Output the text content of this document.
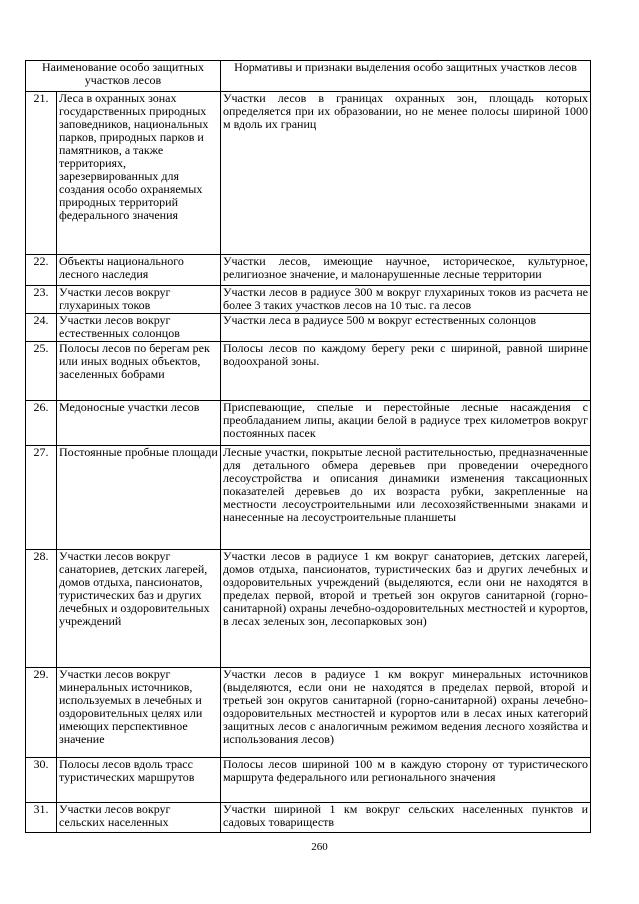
Наименование особо защитных участков лесов		Нормативы и признаки выделения особо защитных участков лесов
21.	Леса в охранных зонах государственных природных заповедников, национальных парков, природных парков и памятников, а также территориях, зарезервированных для создания особо охраняемых природных территорий федерального значения	Участки лесов в границах охранных зон, площадь которых определяется при их образовании, но не менее полосы шириной 1000 м вдоль их границ
22.	Объекты национального лесного наследия	Участки лесов, имеющие научное, историческое, культурное, религиозное значение, и малонарушенные лесные территории
23.	Участки лесов вокруг глухариных токов	Участки лесов в радиусе 300 м вокруг глухариных токов из расчета не более 3 таких участков лесов на 10 тыс. га лесов
24.	Участки лесов вокруг естественных солонцов	Участки леса в радиусе 500 м вокруг естественных солонцов
25.	Полосы лесов по берегам рек или иных водных объектов, заселенных бобрами	Полосы лесов по каждому берегу реки с шириной, равной ширине водоохраной зоны.
26.	Медоносные участки лесов	Приспевающие, спелые и перестойные лесные насаждения с преобладанием липы, акации белой в радиусе трех километров вокруг постоянных пасек
27.	Постоянные пробные площади	Лесные участки, покрытые лесной растительностью, предназначенные для детального обмера деревьев при проведении очередного лесоустройства и описания динамики изменения таксационных показателей деревьев до их возраста рубки, закрепленные на местности лесоустроительными или лесохозяйственными знаками и нанесенные на лесоустроительные планшеты
28.	Участки лесов вокруг санаториев, детских лагерей, домов отдыха, пансионатов, туристических баз и других лечебных и оздоровительных учреждений	Участки лесов в радиусе 1 км вокруг санаториев, детских лагерей, домов отдыха, пансионатов, туристических баз и других лечебных и оздоровительных учреждений (выделяются, если они не находятся в пределах первой, второй и третьей зон округов санитарной (горно-санитарной) охраны лечебно-оздоровительных местностей и курортов, в лесах зеленых зон, лесопарковых зон)
29.	Участки лесов вокруг минеральных источников, используемых в лечебных и оздоровительных целях или имеющих перспективное значение	Участки лесов в радиусе 1 км вокруг минеральных источников (выделяются, если они не находятся в пределах первой, второй и третьей зон округов санитарной (горно-санитарной) охраны лечебно-оздоровительных местностей и курортов или в лесах иных категорий защитных лесов с аналогичным режимом ведения лесного хозяйства и использования лесов)
30.	Полосы лесов вдоль трасс туристических маршрутов	Полосы лесов шириной 100 м в каждую сторону от туристического маршрута федерального или регионального значения
31.	Участки лесов вокруг сельских населенных	Участки шириной 1 км вокруг сельских населенных пунктов и садовых товариществ
260
